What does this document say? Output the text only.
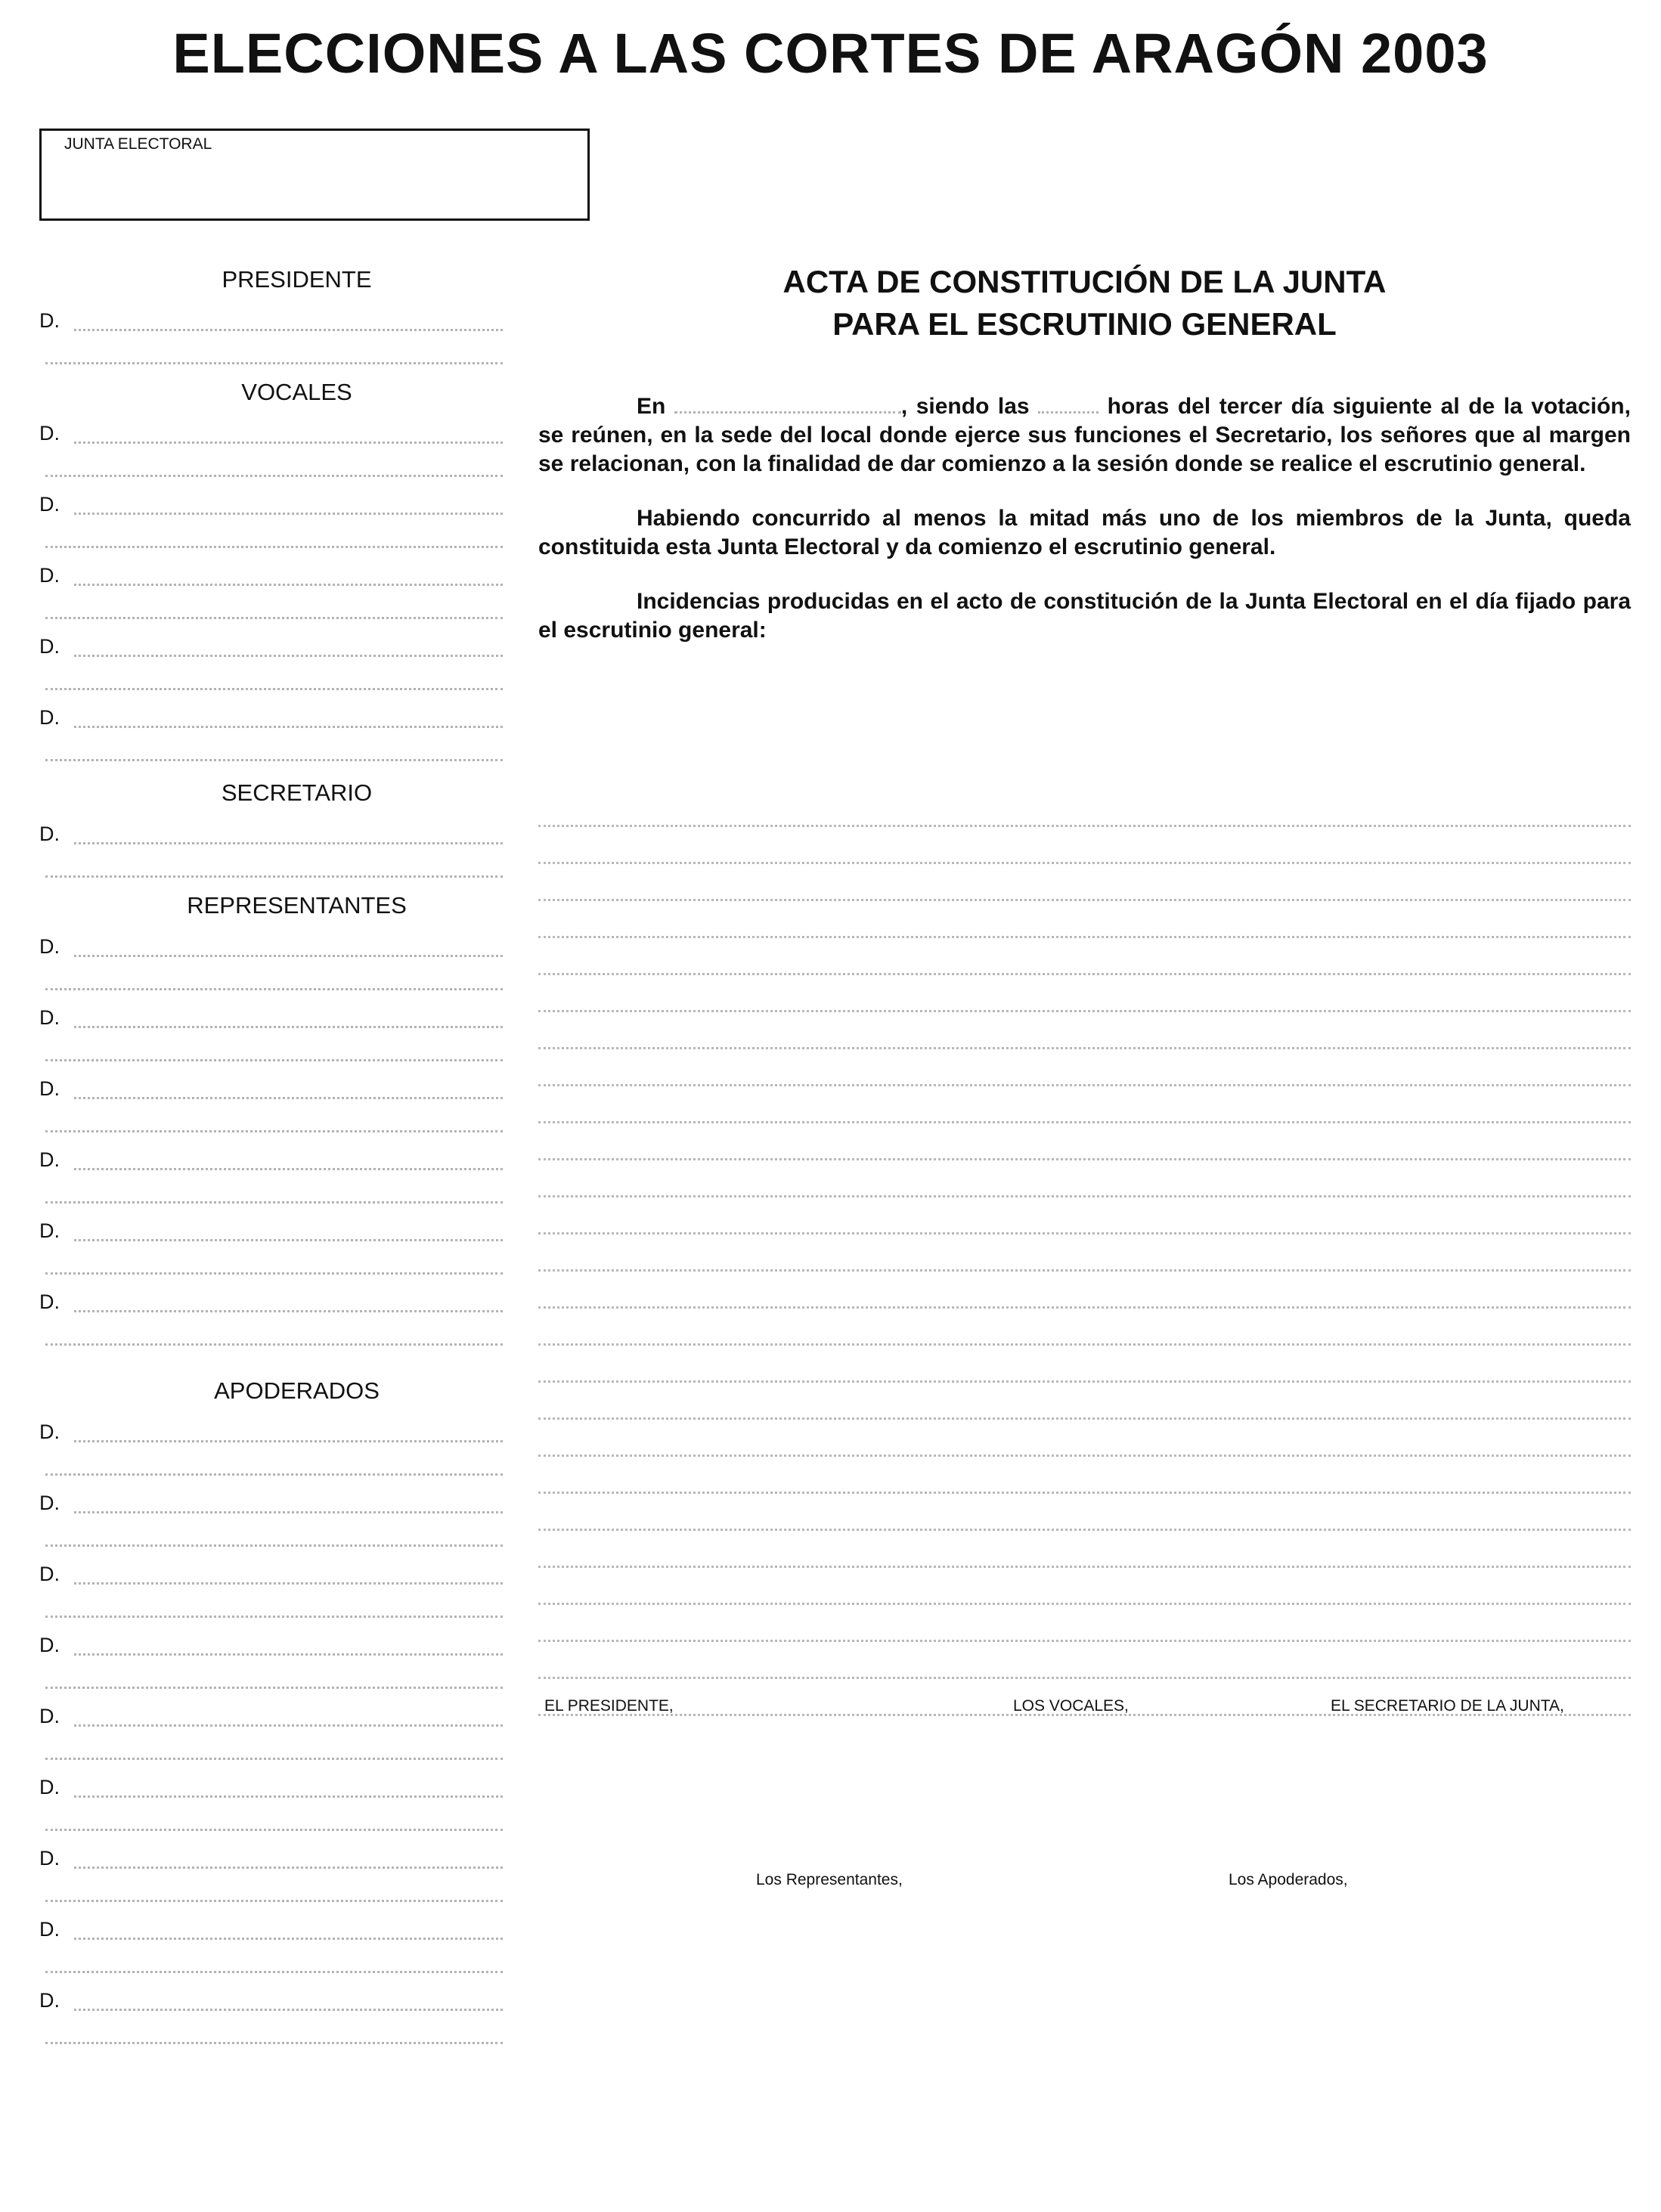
ELECCIONES A LAS CORTES DE ARAGÓN 2003
JUNTA ELECTORAL
PRESIDENTE
D.
VOCALES
D.
D.
D.
D.
D.
SECRETARIO
D.
REPRESENTANTES
D.
D.
D.
D.
D.
D.
APODERADOS
D.
D.
D.
D.
D.
D.
D.
D.
D.
ACTA DE CONSTITUCIÓN DE LA JUNTA
PARA EL ESCRUTINIO GENERAL
En	, siendo las	horas del tercer día siguiente al de la votación, se reúnen, en la sede del local donde ejerce sus funciones el Secretario, los señores que al margen se relacionan, con la finalidad de dar comienzo a la sesión donde se realice el escrutinio general.
Habiendo concurrido al menos la mitad más uno de los miembros de la Junta, queda constituida esta Junta Electoral y da comienzo el escrutinio general.
Incidencias producidas en el acto de constitución de la Junta Electoral en el día fijado para el escrutinio general:
EL PRESIDENTE,	LOS VOCALES,	EL SECRETARIO DE LA JUNTA,
Los Representantes,	Los Apoderados,
